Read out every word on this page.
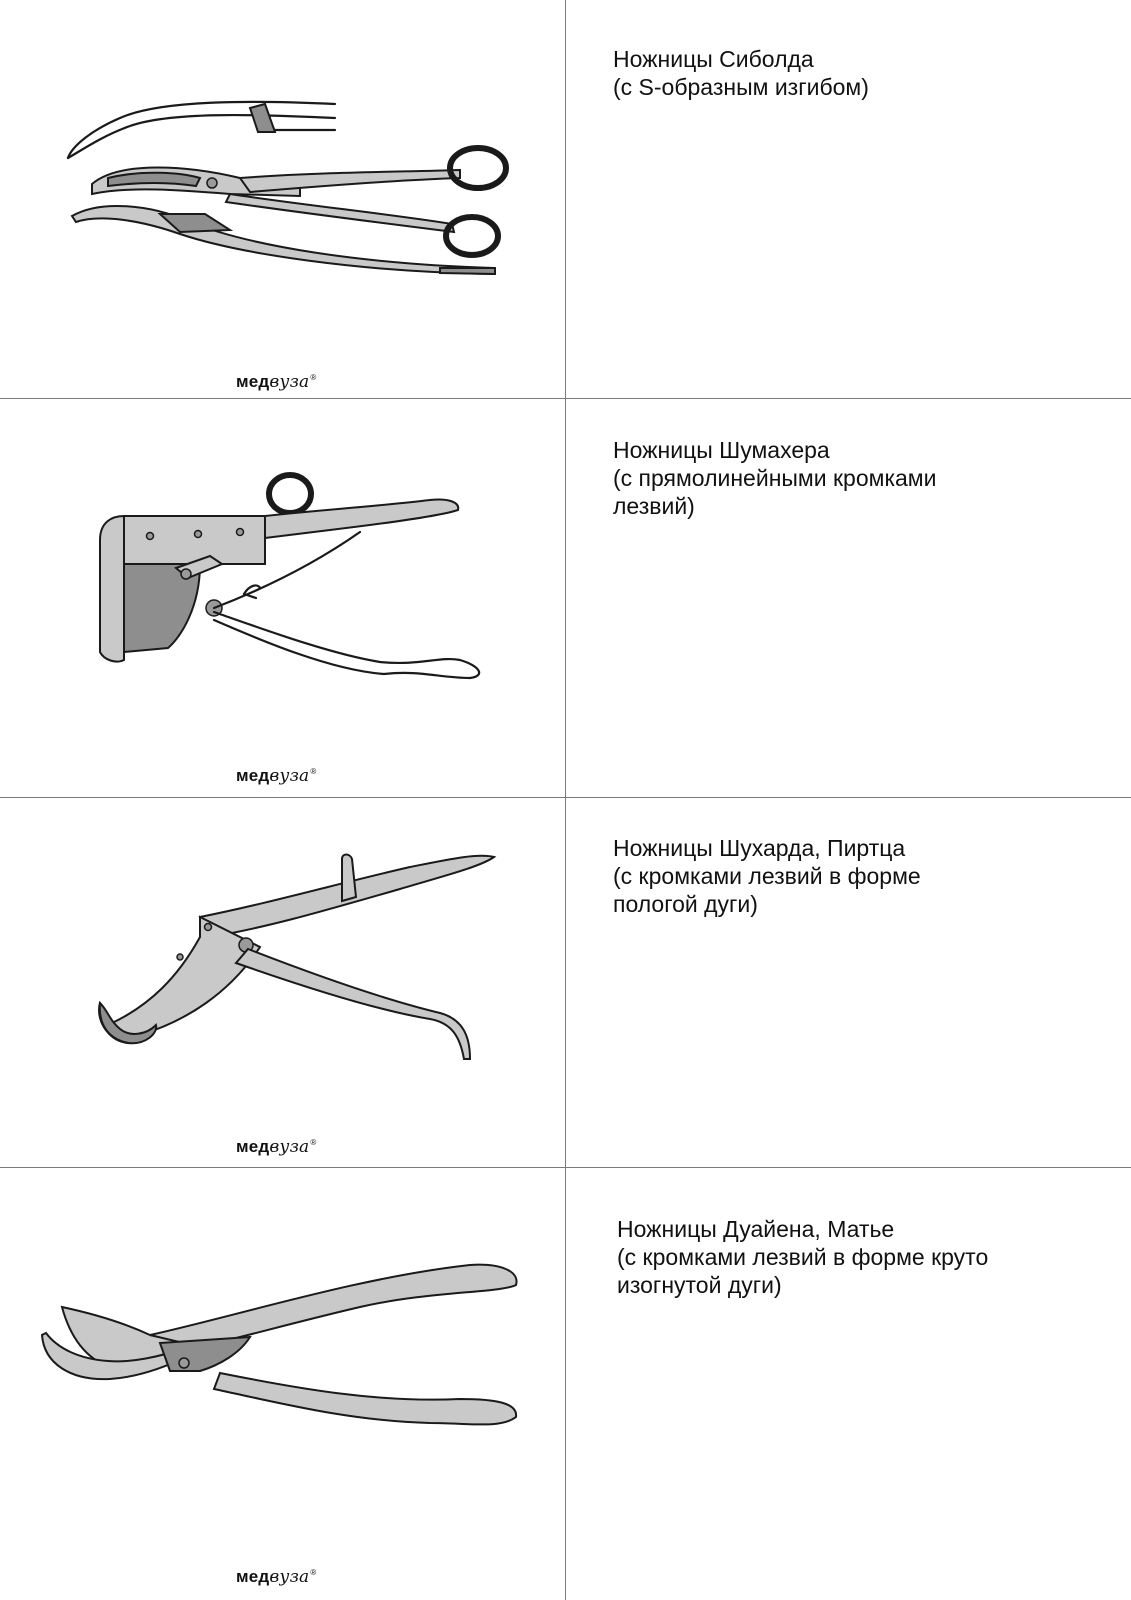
медвуза®
Ножницы Сиболда
(с S-образным изгибом)
медвуза®
Ножницы Шумахера
(с прямолинейными кромками
лезвий)
медвуза®
Ножницы Шухарда, Пиртца
(с кромками лезвий в форме
пологой дуги)
медвуза®
Ножницы Дуайена, Матье
(с кромками лезвий в форме круто
изогнутой дуги)
